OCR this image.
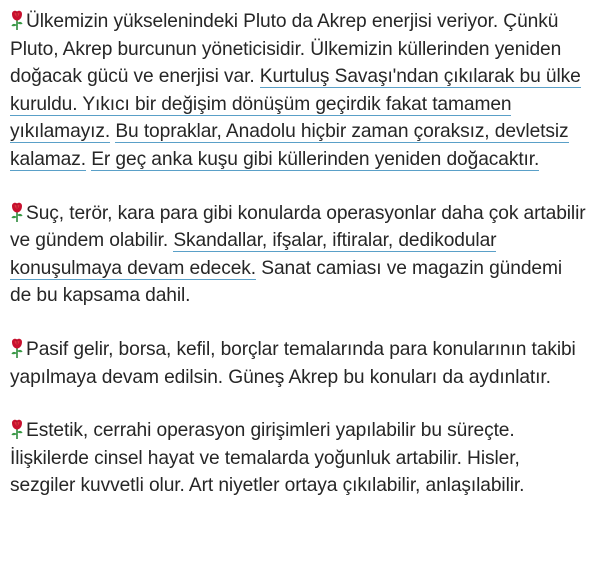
Ülkemizin yükselenindeki Pluto da Akrep enerjisi veriyor. Çünkü Pluto, Akrep burcunun yöneticisidir. Ülkemizin küllerinden yeniden doğacak gücü ve enerjisi var. Kurtuluş Savaşı'ndan çıkılarak bu ülke kuruldu. Yıkıcı bir değişim dönüşüm geçirdik fakat tamamen yıkılamayız. Bu topraklar, Anadolu hiçbir zaman çoraksız, devletsiz kalamaz. Er geç anka kuşu gibi küllerinden yeniden doğacaktır.

Suç, terör, kara para gibi konularda operasyonlar daha çok artabilir ve gündem olabilir. Skandallar, ifşalar, iftiralar, dedikodular konuşulmaya devam edecek. Sanat camiası ve magazin gündemi de bu kapsama dahil.

Pasif gelir, borsa, kefil, borçlar temalarında para konularının takibi yapılmaya devam edilsin. Güneş Akrep bu konuları da aydınlatır.

Estetik, cerrahi operasyon girişimleri yapılabilir bu süreçte. İlişkilerde cinsel hayat ve temalarda yoğunluk artabilir. Hisler, sezgiler kuvvetli olur. Art niyetler ortaya çıkılabilir, anlaşılabilir.
